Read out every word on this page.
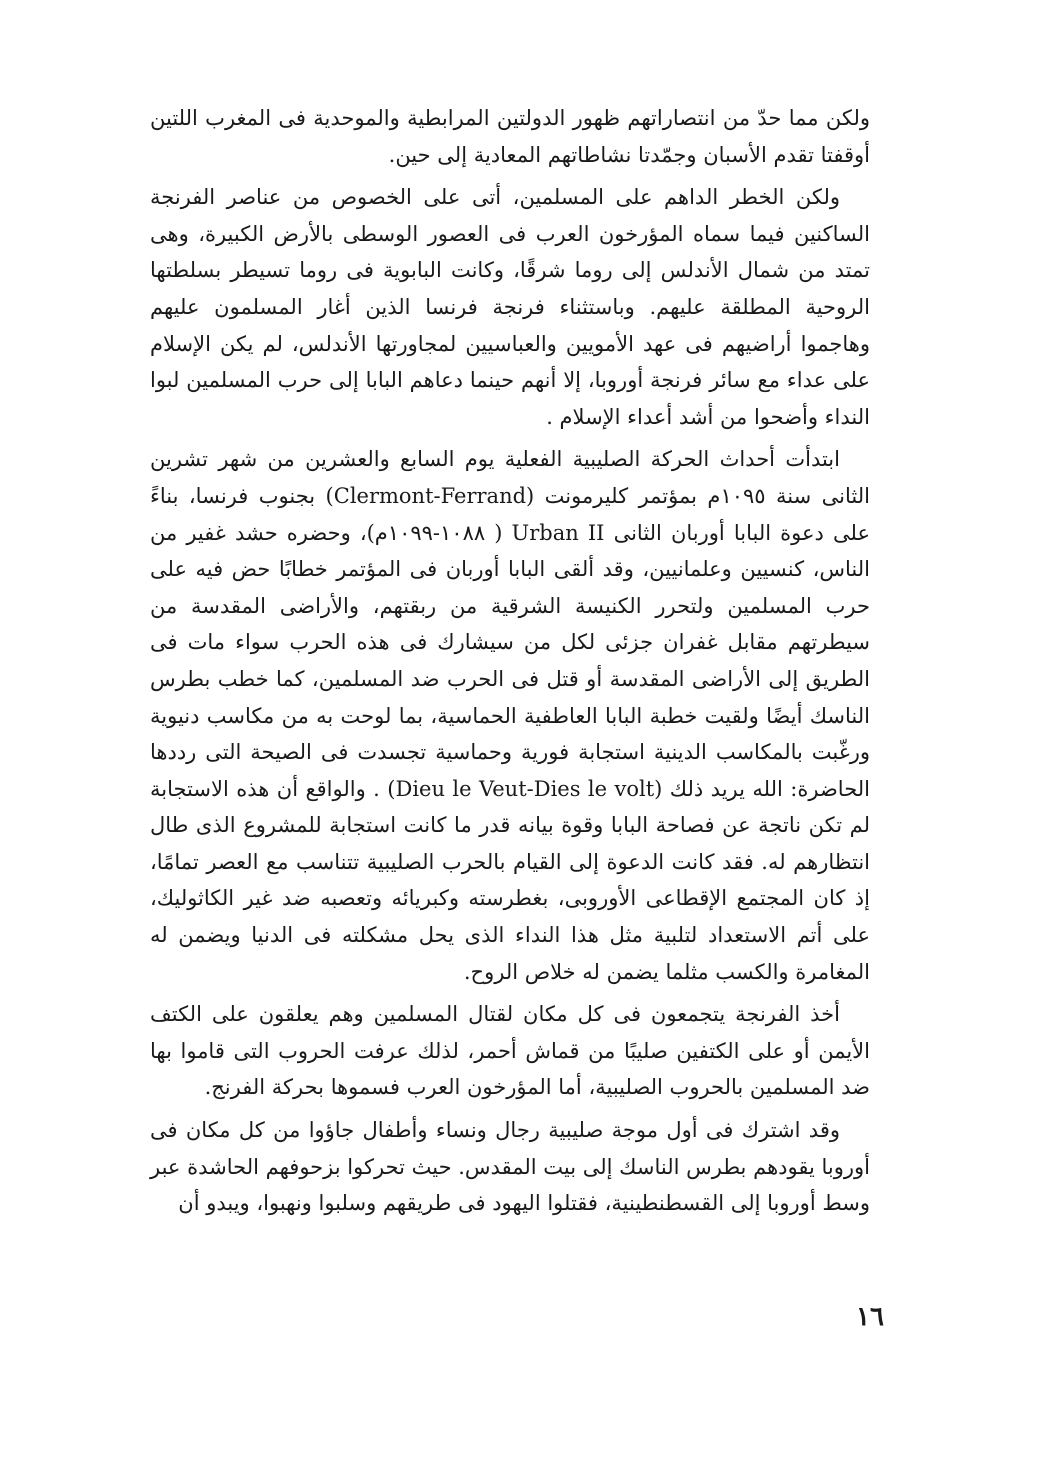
ولكن مما حدّ من انتصاراتهم ظهور الدولتين المرابطية والموحدية فى المغرب اللتين أوقفتا تقدم الأسبان وجمّدتا نشاطاتهم المعادية إلى حين.

ولكن الخطر الداهم على المسلمين، أتى على الخصوص من عناصر الفرنجة الساكنين فيما سماه المؤرخون العرب فى العصور الوسطى بالأرض الكبيرة، وهى تمتد من شمال الأندلس إلى روما شرقًا، وكانت البابوية فى روما تسيطر بسلطتها الروحية المطلقة عليهم. وباستثناء فرنجة فرنسا الذين أغار المسلمون عليهم وهاجموا أراضيهم فى عهد الأمويين والعباسيين لمجاورتها الأندلس، لم يكن الإسلام على عداء مع سائر فرنجة أوروبا، إلا أنهم حينما دعاهم البابا إلى حرب المسلمين لبوا النداء وأضحوا من أشد أعداء الإسلام .

ابتدأت أحداث الحركة الصليبية الفعلية يوم السابع والعشرين من شهر تشرين الثانى سنة ١٠٩٥م بمؤتمر كليرمونت (Clermont-Ferrand) بجنوب فرنسا، بناءً على دعوة البابا أوربان الثانى Urban II ( ١٠٨٨-١٠٩٩م)، وحضره حشد غفير من الناس، كنسيين وعلمانيين، وقد ألقى البابا أوربان فى المؤتمر خطابًا حض فيه على حرب المسلمين ولتحرر الكنيسة الشرقية من ربقتهم، والأراضى المقدسة من سيطرتهم مقابل غفران جزئى لكل من سيشارك فى هذه الحرب سواء مات فى الطريق إلى الأراضى المقدسة أو قتل فى الحرب ضد المسلمين، كما خطب بطرس الناسك أيضًا ولقيت خطبة البابا العاطفية الحماسية، بما لوحت به من مكاسب دنيوية ورغّبت بالمكاسب الدينية استجابة فورية وحماسية تجسدت فى الصيحة التى رددها الحاضرة: الله يريد ذلك (Dieu le Veut-Dies le volt) . والواقع أن هذه الاستجابة لم تكن ناتجة عن فصاحة البابا وقوة بيانه قدر ما كانت استجابة للمشروع الذى طال انتظارهم له. فقد كانت الدعوة إلى القيام بالحرب الصليبية تتناسب مع العصر تمامًا، إذ كان المجتمع الإقطاعى الأوروبى، بغطرسته وكبريائه وتعصبه ضد غير الكاثوليك، على أتم الاستعداد لتلبية مثل هذا النداء الذى يحل مشكلته فى الدنيا ويضمن له المغامرة والكسب مثلما يضمن له خلاص الروح.

أخذ الفرنجة يتجمعون فى كل مكان لقتال المسلمين وهم يعلقون على الكتف الأيمن أو على الكتفين صليبًا من قماش أحمر، لذلك عرفت الحروب التى قاموا بها ضد المسلمين بالحروب الصليبية، أما المؤرخون العرب فسموها بحركة الفرنج.

وقد اشترك فى أول موجة صليبية رجال ونساء وأطفال جاؤوا من كل مكان فى أوروبا يقودهم بطرس الناسك إلى بيت المقدس. حيث تحركوا بزحوفهم الحاشدة عبر وسط أوروبا إلى القسطنطينية، فقتلوا اليهود فى طريقهم وسلبوا ونهبوا، ويبدو أن

١٦
